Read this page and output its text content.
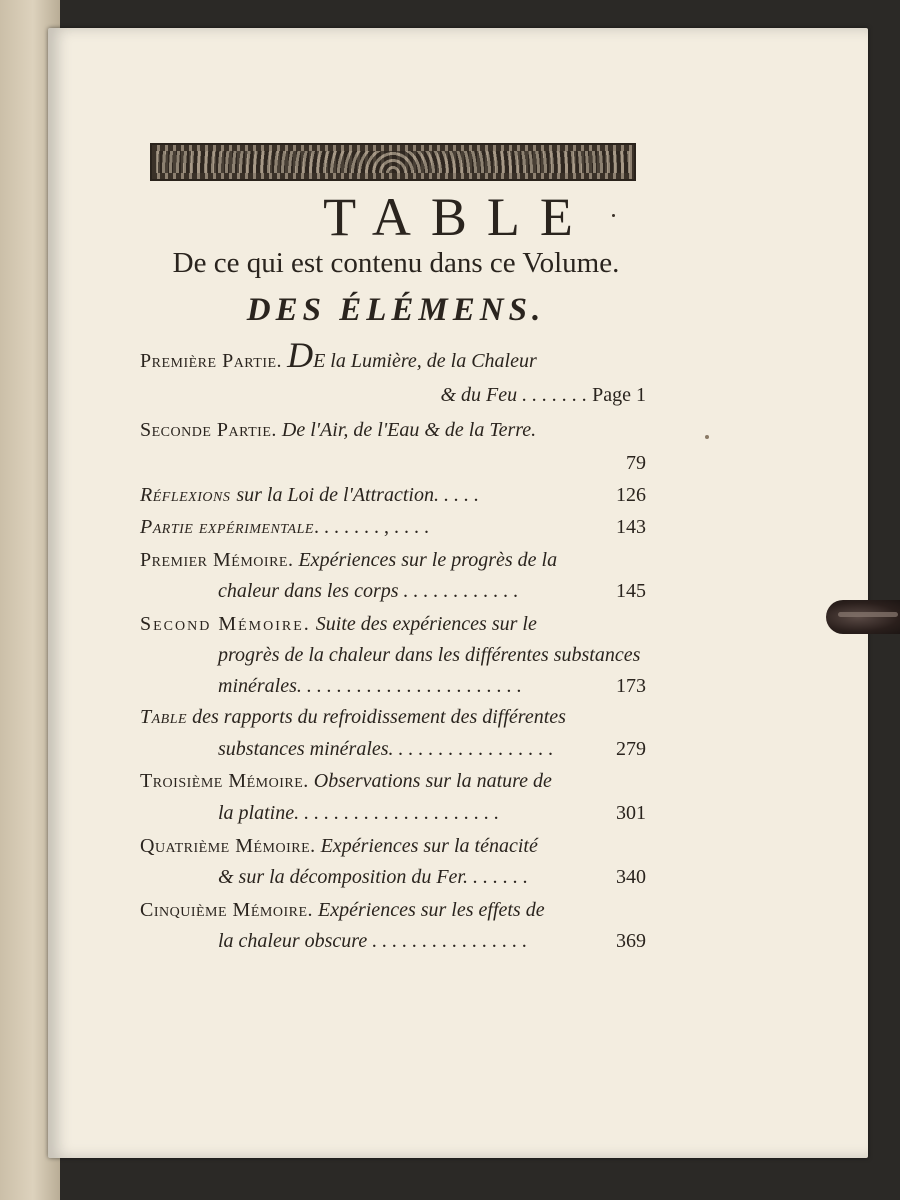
TABLE
De ce qui est contenu dans ce Volume.
DES ÉLÉMENS.
Première Partie. DE la Lumière, de la Chaleur
& du Feu . . . . . . . Page 1
Seconde Partie. De l'Air, de l'Eau & de la Terre.
79
Réflexions sur la Loi de l'Attraction. . . . .	126
Partie expérimentale . . . . . . . , . . . .	143
Premier Mémoire. Expériences sur le progrès de la
chaleur dans les corps . . . . . . . . . . . .	145
Second Mémoire. Suite des expériences sur le
progrès de la chaleur dans les différentes substances
minérales. . . . . . . . . . . . . . . . . . . . . . .	173
Table des rapports du refroidissement des différentes
substances minérales. . . . . . . . . . . . . . . . .	279
Troisième Mémoire. Observations sur la nature de
la platine. . . . . . . . . . . . . . . . . . . . .	301
Quatrième Mémoire. Expériences sur la ténacité
& sur la décomposition du Fer. . . . . . .	340
Cinquième Mémoire. Expériences sur les effets de
la chaleur obscure . . . . . . . . . . . . . . . .	369
